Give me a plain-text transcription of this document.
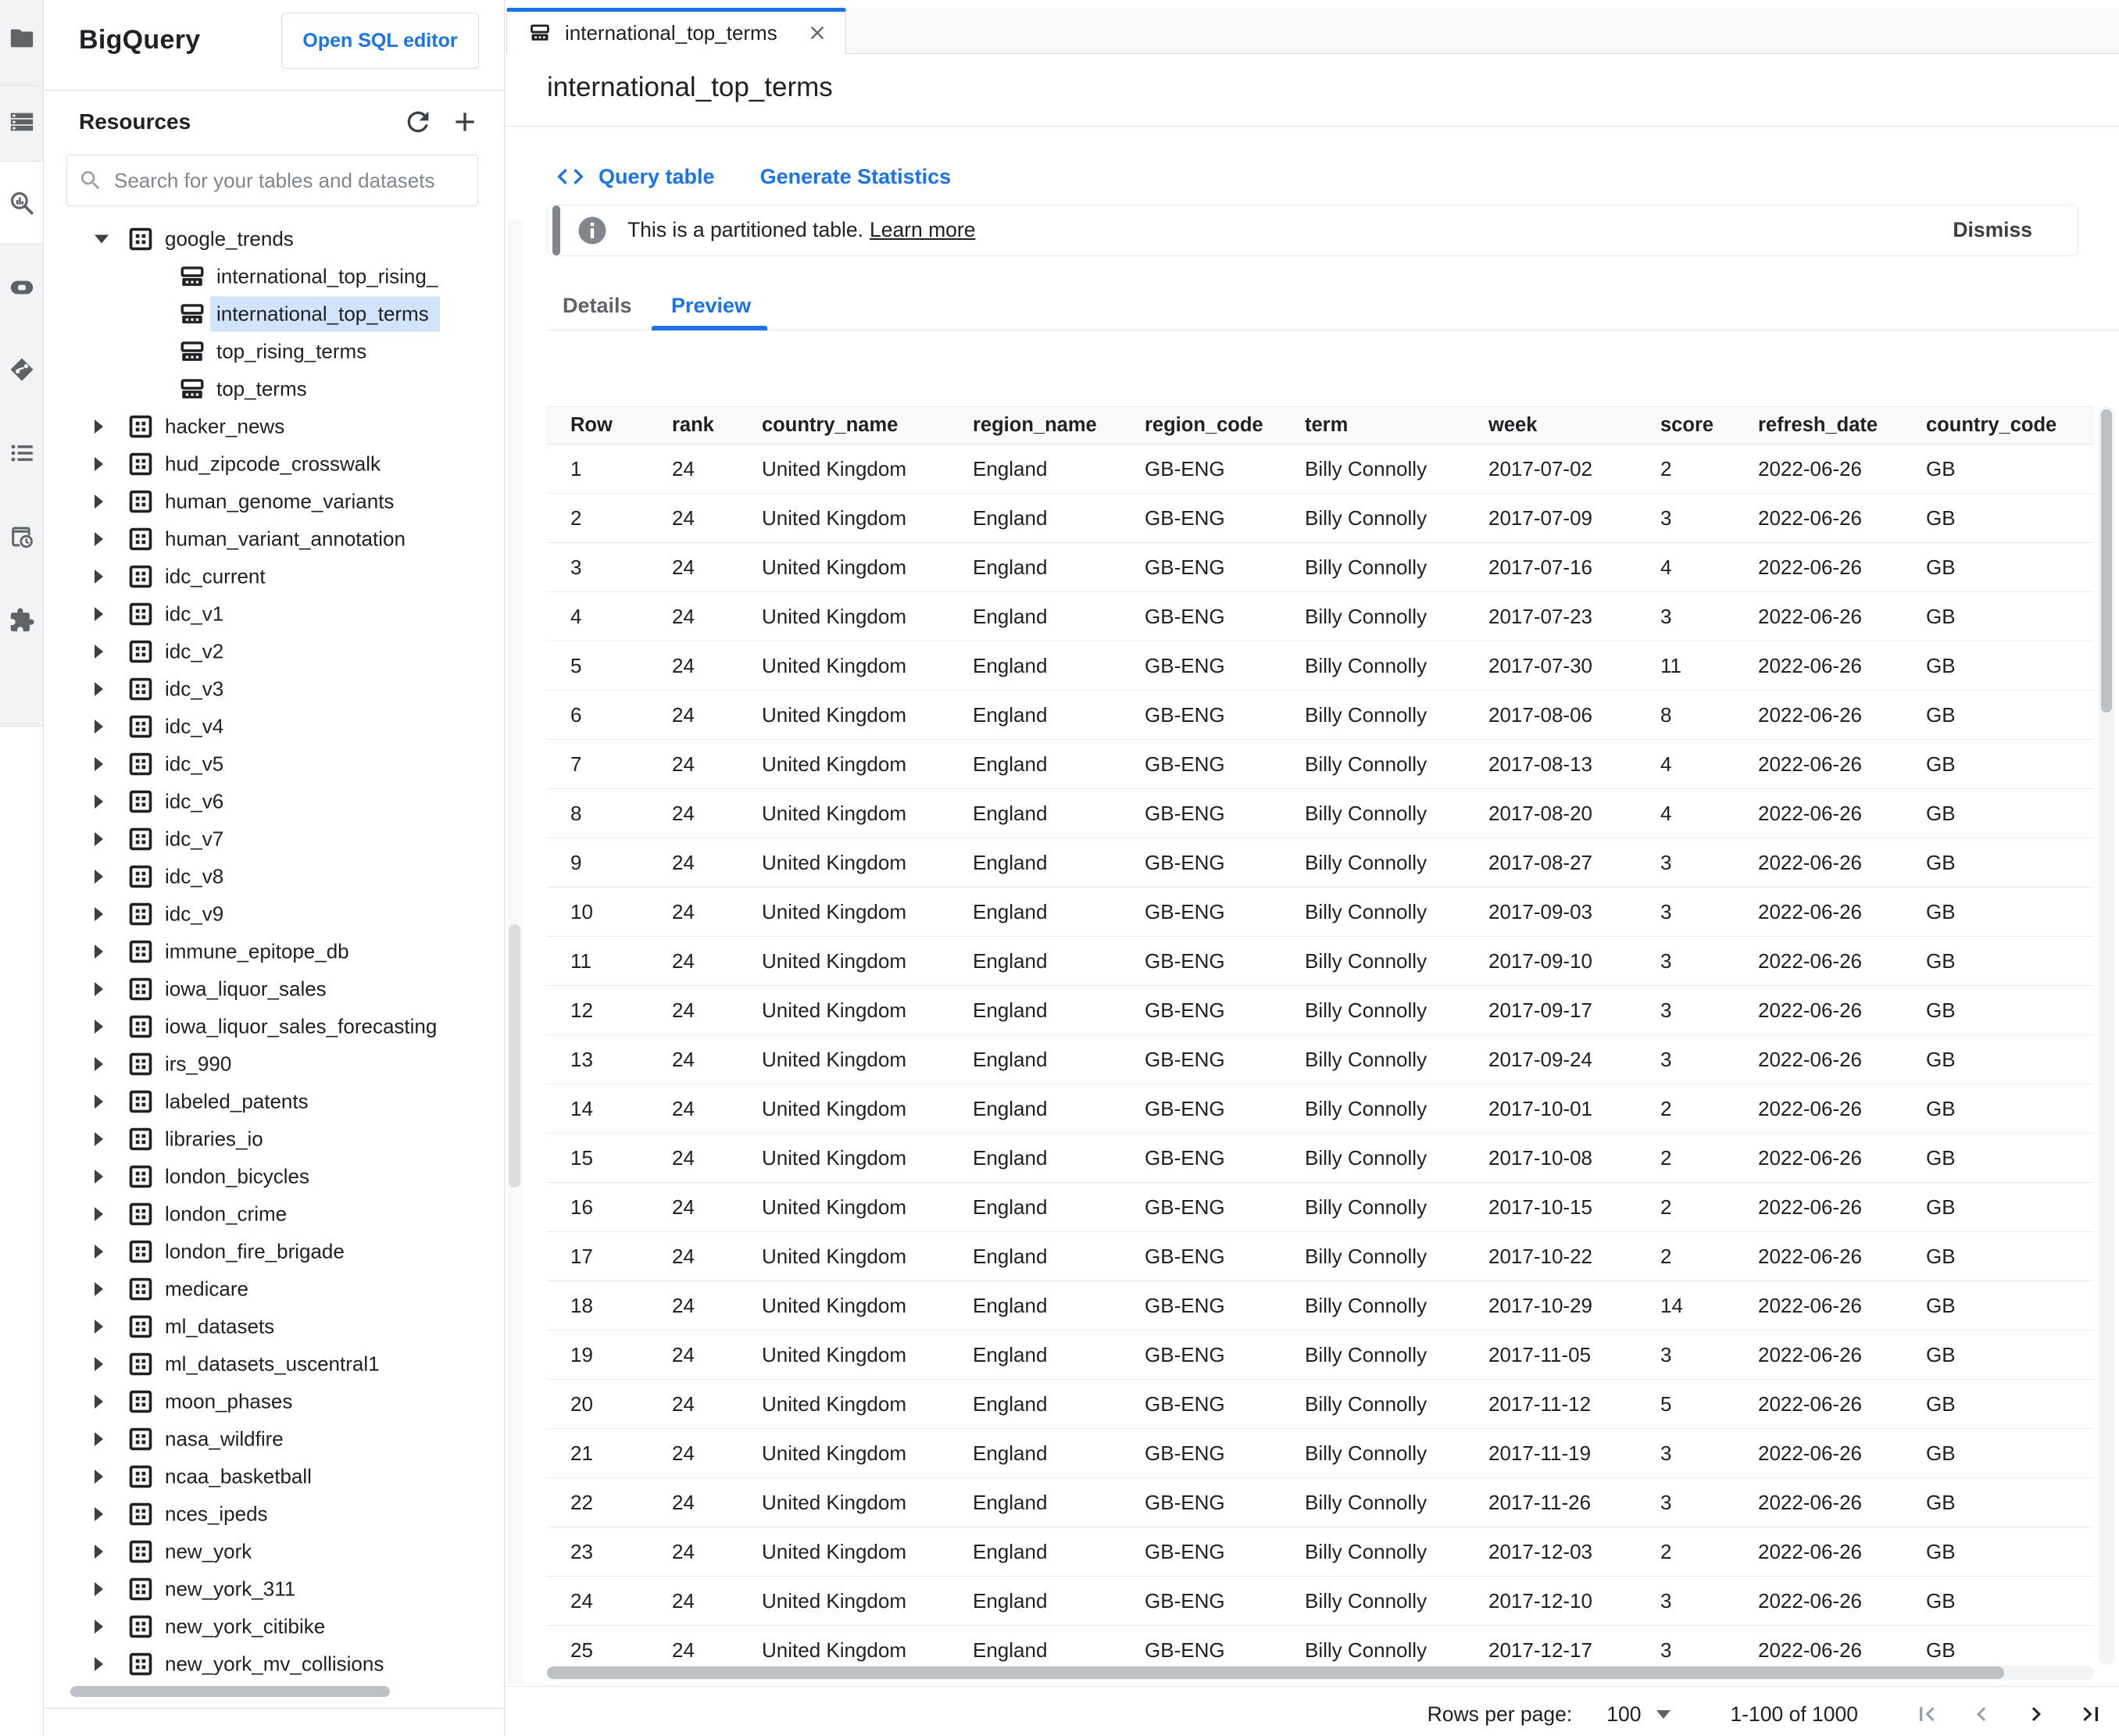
BigQuery	Open SQL editor
Resources
Search for your tables and datasets
google_trends
international_top_rising_
international_top_terms
top_rising_terms
top_terms
hacker_news
hud_zipcode_crosswalk
human_genome_variants
human_variant_annotation
idc_current
idc_v1
idc_v2
idc_v3
idc_v4
idc_v5
idc_v6
idc_v7
idc_v8
idc_v9
immune_epitope_db
iowa_liquor_sales
iowa_liquor_sales_forecasting
irs_990
labeled_patents
libraries_io
london_bicycles
london_crime
london_fire_brigade
medicare
ml_datasets
ml_datasets_uscentral1
moon_phases
nasa_wildfire
ncaa_basketball
nces_ipeds
new_york
new_york_311
new_york_citibike
new_york_mv_collisions
international_top_terms
international_top_terms
Query table Generate Statistics
This is a partitioned table. Learn more	Dismiss
Details Preview
Row	rank	country_name	region_name	region_code	term	week	score	refresh_date	country_code
1	24	United Kingdom	England	GB-ENG	Billy Connolly	2017-07-02	2	2022-06-26	GB
2	24	United Kingdom	England	GB-ENG	Billy Connolly	2017-07-09	3	2022-06-26	GB
3	24	United Kingdom	England	GB-ENG	Billy Connolly	2017-07-16	4	2022-06-26	GB
4	24	United Kingdom	England	GB-ENG	Billy Connolly	2017-07-23	3	2022-06-26	GB
5	24	United Kingdom	England	GB-ENG	Billy Connolly	2017-07-30	11	2022-06-26	GB
6	24	United Kingdom	England	GB-ENG	Billy Connolly	2017-08-06	8	2022-06-26	GB
7	24	United Kingdom	England	GB-ENG	Billy Connolly	2017-08-13	4	2022-06-26	GB
8	24	United Kingdom	England	GB-ENG	Billy Connolly	2017-08-20	4	2022-06-26	GB
9	24	United Kingdom	England	GB-ENG	Billy Connolly	2017-08-27	3	2022-06-26	GB
10	24	United Kingdom	England	GB-ENG	Billy Connolly	2017-09-03	3	2022-06-26	GB
11	24	United Kingdom	England	GB-ENG	Billy Connolly	2017-09-10	3	2022-06-26	GB
12	24	United Kingdom	England	GB-ENG	Billy Connolly	2017-09-17	3	2022-06-26	GB
13	24	United Kingdom	England	GB-ENG	Billy Connolly	2017-09-24	3	2022-06-26	GB
14	24	United Kingdom	England	GB-ENG	Billy Connolly	2017-10-01	2	2022-06-26	GB
15	24	United Kingdom	England	GB-ENG	Billy Connolly	2017-10-08	2	2022-06-26	GB
16	24	United Kingdom	England	GB-ENG	Billy Connolly	2017-10-15	2	2022-06-26	GB
17	24	United Kingdom	England	GB-ENG	Billy Connolly	2017-10-22	2	2022-06-26	GB
18	24	United Kingdom	England	GB-ENG	Billy Connolly	2017-10-29	14	2022-06-26	GB
19	24	United Kingdom	England	GB-ENG	Billy Connolly	2017-11-05	3	2022-06-26	GB
20	24	United Kingdom	England	GB-ENG	Billy Connolly	2017-11-12	5	2022-06-26	GB
21	24	United Kingdom	England	GB-ENG	Billy Connolly	2017-11-19	3	2022-06-26	GB
22	24	United Kingdom	England	GB-ENG	Billy Connolly	2017-11-26	3	2022-06-26	GB
23	24	United Kingdom	England	GB-ENG	Billy Connolly	2017-12-03	2	2022-06-26	GB
24	24	United Kingdom	England	GB-ENG	Billy Connolly	2017-12-10	3	2022-06-26	GB
25	24	United Kingdom	England	GB-ENG	Billy Connolly	2017-12-17	3	2022-06-26	GB
Rows per page: 100	1-100 of 1000
